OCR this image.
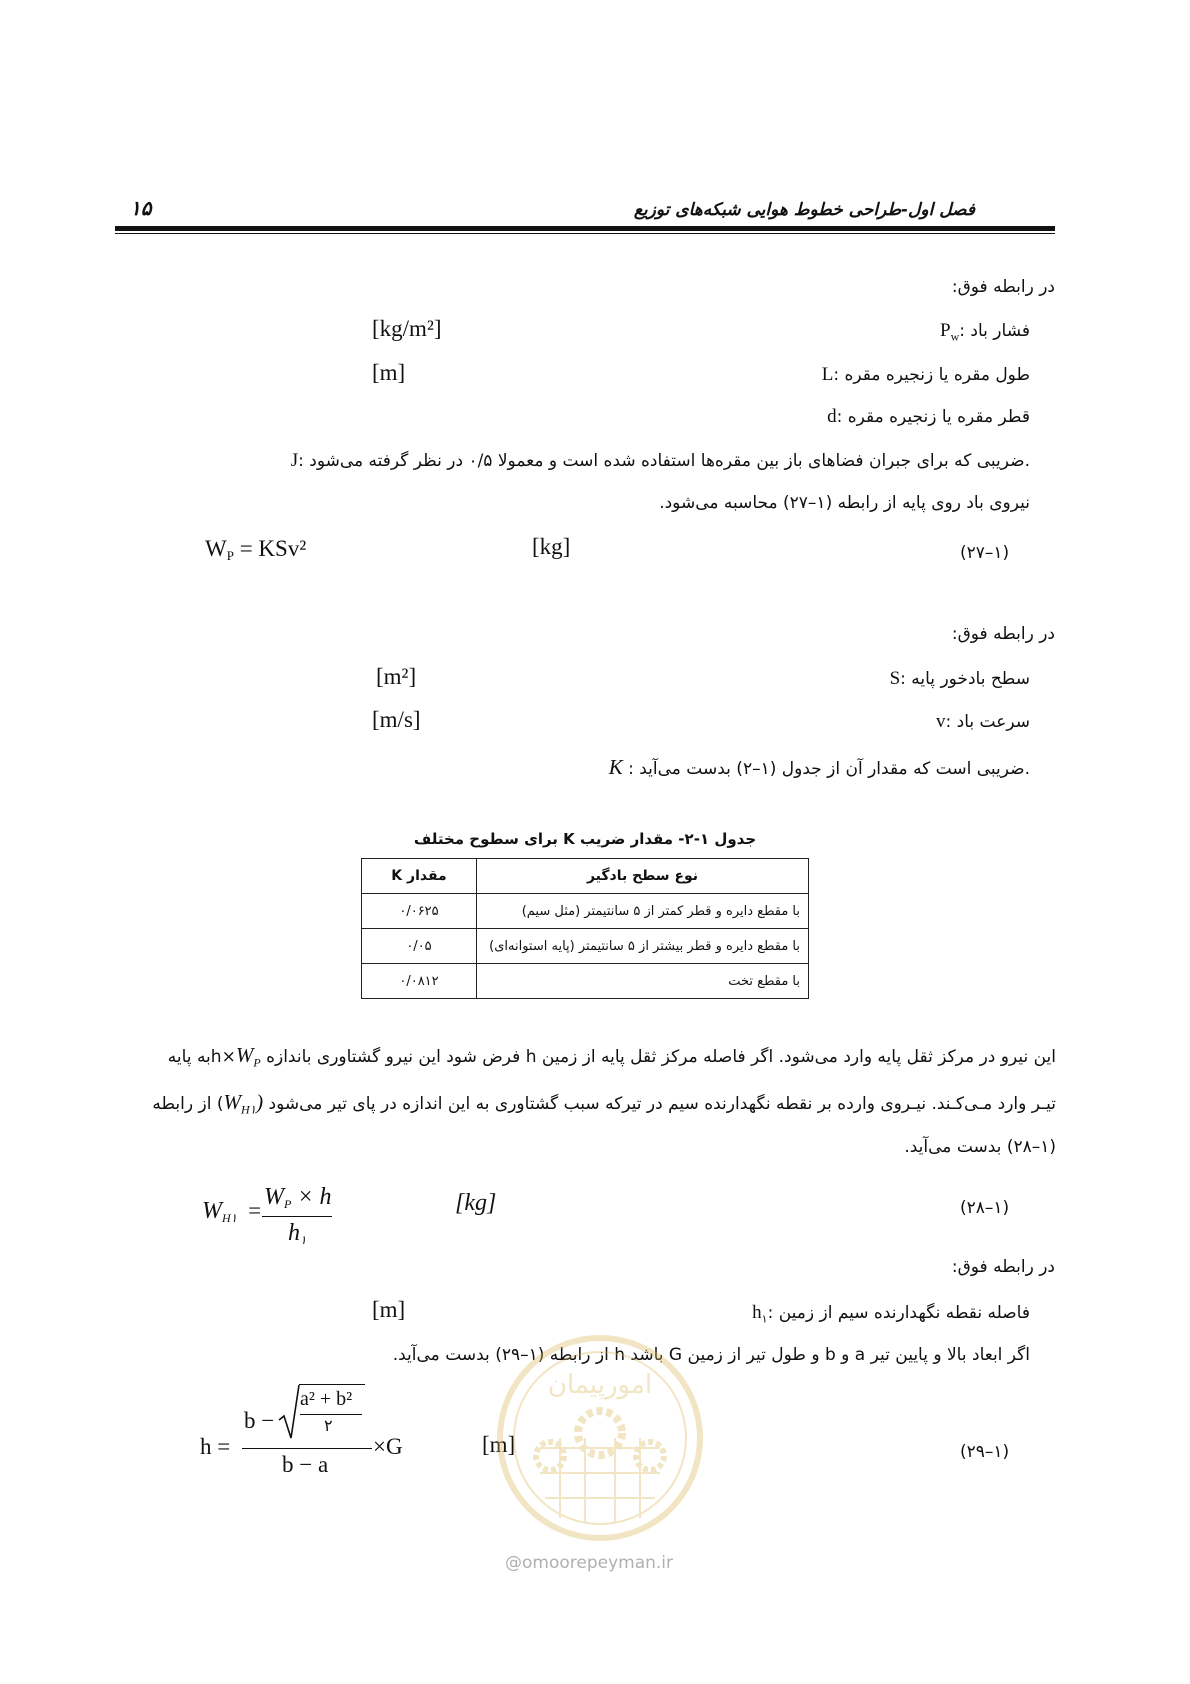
فصل اول-طراحی خطوط هوایی شبکه‌های توزیع
۱۵
در رابطه فوق:
$P_w$: فشار باد
[kg/m²]
L: طول مقره یا زنجیره مقره
[m]
d: قطر مقره یا زنجیره مقره
J: ضریبی که برای جبران فضاهای باز بین مقره‌ها استفاده شده است و معمولا ۰/۵ در نظر گرفته می‌شود.
نیروی باد روی پایه از رابطه (۱–۲۷) محاسبه می‌شود.
$W_P = KSv^2$	[kg]	(۱–۲۷)
در رابطه فوق:
S: سطح بادخور پایه
[m²]
v: سرعت باد
[m/s]
K : ضریبی است که مقدار آن از جدول (۱–۲) بدست می‌آید.
جدول ۱-۲- مقدار ضریب K برای سطوح مختلف
نوع سطح بادگیر	مقدار K
با مقطع دایره و قطر کمتر از ۵ سانتیمتر (مثل سیم)	۰/۰۶۲۵
با مقطع دایره و قطر بیشتر از ۵ سانتیمتر (پایه استوانه‌ای)	۰/۰۵
با مقطع تخت	۰/۰۸۱۲
این نیرو در مرکز ثقل پایه وارد می‌شود. اگر فاصله مرکز ثقل پایه از زمین h فرض شود این نیرو گشتاوری باندازه $h\times W_Pبه$ پایه
تیـر وارد مـی‌کـند. نیـروی وارده بر نقطه نگهدارنده سیم در تیرکه سبب گشتاوری به این اندازه در پای تیر می‌شود $(W_{H۱})$ از رابطه
(۱–۲۸) بدست می‌آید.
$W_{H۱}$ =
$W_P \times h$
$h_۱$
[kg]	(۱–۲۸)
در رابطه فوق:
$h_۱$: فاصله نقطه نگهدارنده سیم از زمین
[m]
اگر ابعاد بالا و پایین تیر a و b و طول تیر از زمین G باشد h از رابطه (۱–۲۹) بدست می‌آید.
h =
b −
a² + b²
۲
b − a
×G	[m]	(۱–۲۹)
امورپیمان
@omoorepeyman.ir
